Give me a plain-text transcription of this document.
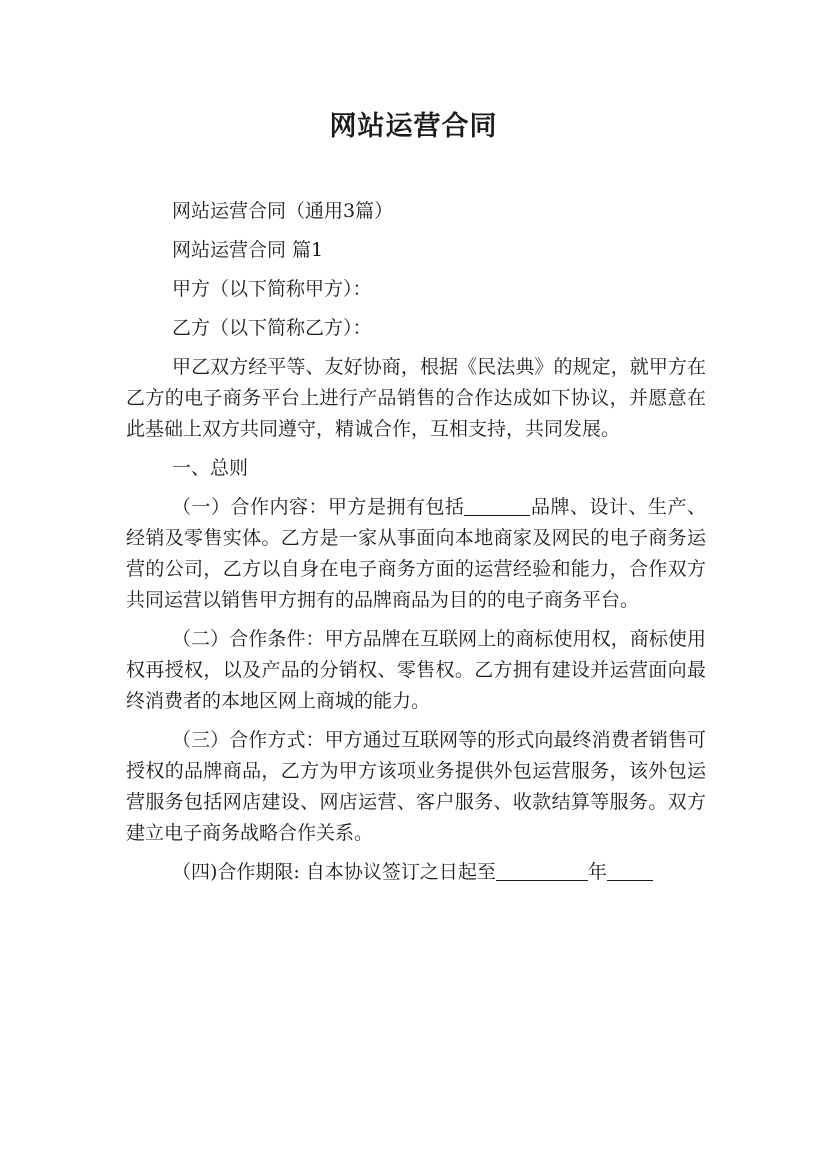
网站运营合同

网站运营合同（通用3篇）

网站运营合同 篇1

甲方（以下简称甲方）：

乙方（以下简称乙方）：

甲乙双方经平等、友好协商，根据《民法典》的规定，就甲方在乙方的电子商务平台上进行产品销售的合作达成如下协议，并愿意在此基础上双方共同遵守，精诚合作，互相支持，共同发展。

一、总则

（一）合作内容：甲方是拥有包括	品牌、设计、生产、经销及零售实体。乙方是一家从事面向本地商家及网民的电子商务运营的公司，乙方以自身在电子商务方面的运营经验和能力，合作双方共同运营以销售甲方拥有的品牌商品为目的的电子商务平台。

（二）合作条件：甲方品牌在互联网上的商标使用权，商标使用权再授权，以及产品的分销权、零售权。乙方拥有建设并运营面向最终消费者的本地区网上商城的能力。

（三）合作方式：甲方通过互联网等的形式向最终消费者销售可授权的品牌商品，乙方为甲方该项业务提供外包运营服务，该外包运营服务包括网店建设、网店运营、客户服务、收款结算等服务。双方建立电子商务战略合作关系。

（四)合作期限: 自本协议签订之日起至	年
